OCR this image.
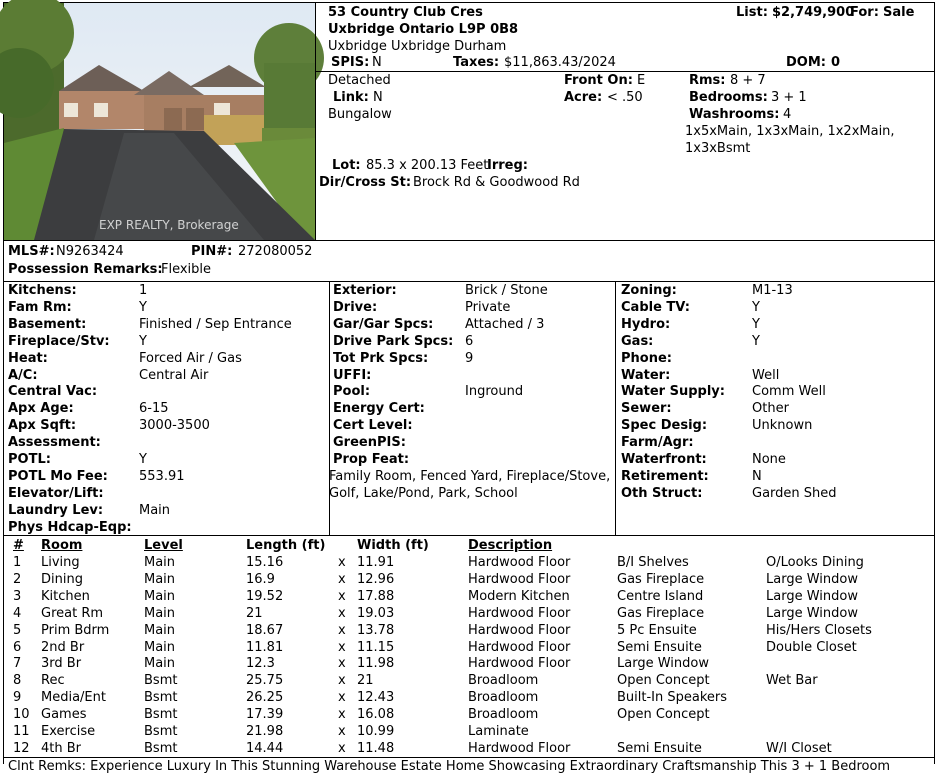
EXP REALTY, Brokerage
53 Country Club Cres
Uxbridge Ontario L9P 0B8
Uxbridge Uxbridge Durham
List: $2,749,900
For: Sale
SPIS: N	Taxes: $11,863.43/2024	DOM: 0
Detached
Link: N
Bungalow
Front On: E
Acre: < .50
Rms: 8 + 7
Bedrooms: 3 + 1
Washrooms: 4
1x5xMain, 1x3xMain, 1x2xMain,
1x3xBsmt
Lot: 85.3 x 200.13 Feet
Irreg:
Dir/Cross St: Brock Rd & Goodwood Rd
MLS#: N9263424	PIN#: 272080052
Possession Remarks:
Flexible
Kitchens:	1
Fam Rm:	Y
Basement:	Finished / Sep Entrance
Fireplace/Stv: Y
Heat:	Forced Air / Gas
A/C:	Central Air
Central Vac:
Apx Age:	6-15
Apx Sqft:	3000-3500
Assessment:
POTL:	Y
POTL Mo Fee: 553.91
Elevator/Lift:
Laundry Lev:	Main
Phys Hdcap-Eqp:
Exterior:	Brick / Stone
Drive:	Private
Gar/Gar Spcs: Attached / 3
Drive Park Spcs: 6
Tot Prk Spcs:	9
UFFI:
Pool:	Inground
Energy Cert:
Cert Level:
GreenPIS:
Prop Feat:
Family Room, Fenced Yard, Fireplace/Stove,
Golf, Lake/Pond, Park, School
Zoning:	M1-13
Cable TV:	Y
Hydro:	Y
Gas:	Y
Phone:
Water:	Well
Water Supply: Comm Well
Sewer:	Other
Spec Desig:	Unknown
Farm/Agr:
Waterfront:	None
Retirement:	N
Oth Struct:	Garden Shed
# Room	Level	Length (ft) Width (ft)	Description
1 Living	Main	15.16	x 11.91	Hardwood Floor	B/I Shelves	O/Looks Dining
2 Dining	Main	16.9	x 12.96	Hardwood Floor	Gas Fireplace	Large Window
3 Kitchen	Main	19.52	x 17.88	Modern Kitchen	Centre Island	Large Window
4 Great Rm	Main	21	x 19.03	Hardwood Floor	Gas Fireplace	Large Window
5 Prim Bdrm	Main	18.67	x 13.78	Hardwood Floor	5 Pc Ensuite	His/Hers Closets
6 2nd Br	Main	11.81	x 11.15	Hardwood Floor	Semi Ensuite	Double Closet
7 3rd Br	Main	12.3	x 11.98	Hardwood Floor	Large Window
8 Rec	Bsmt	25.75	x 21	Broadloom	Open Concept	Wet Bar
9 Media/Ent	Bsmt	26.25	x 12.43	Broadloom	Built-In Speakers
10 Games	Bsmt	17.39	x 16.08	Broadloom	Open Concept
11 Exercise	Bsmt	21.98	x 10.99	Laminate
12 4th Br	Bsmt	14.44	x 11.48	Hardwood Floor	Semi Ensuite	W/I Closet
Clnt Remks: Experience Luxury In This Stunning Warehouse Estate Home Showcasing Extraordinary Craftsmanship This 3 + 1 Bedroom
